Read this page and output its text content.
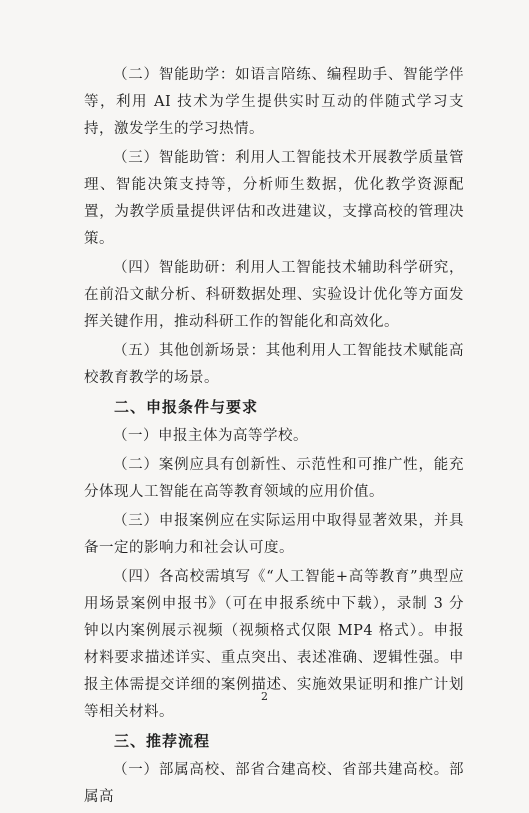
（二）智能助学：如语言陪练、编程助手、智能学伴等，利用 AI 技术为学生提供实时互动的伴随式学习支持，激发学生的学习热情。

（三）智能助管：利用人工智能技术开展教学质量管理、智能决策支持等，分析师生数据，优化教学资源配置，为教学质量提供评估和改进建议，支撑高校的管理决策。

（四）智能助研：利用人工智能技术辅助科学研究，在前沿文献分析、科研数据处理、实验设计优化等方面发挥关键作用，推动科研工作的智能化和高效化。

（五）其他创新场景：其他利用人工智能技术赋能高校教育教学的场景。

二、申报条件与要求

（一）申报主体为高等学校。

（二）案例应具有创新性、示范性和可推广性，能充分体现人工智能在高等教育领域的应用价值。

（三）申报案例应在实际运用中取得显著效果，并具备一定的影响力和社会认可度。

（四）各高校需填写《“人工智能+高等教育”典型应用场景案例申报书》（可在申报系统中下载），录制 3 分钟以内案例展示视频（视频格式仅限 MP4 格式）。申报材料要求描述详实、重点突出、表述准确、逻辑性强。申报主体需提交详细的案例描述、实施效果证明和推广计划等相关材料。

三、推荐流程

（一）部属高校、部省合建高校、省部共建高校。部属高

2
